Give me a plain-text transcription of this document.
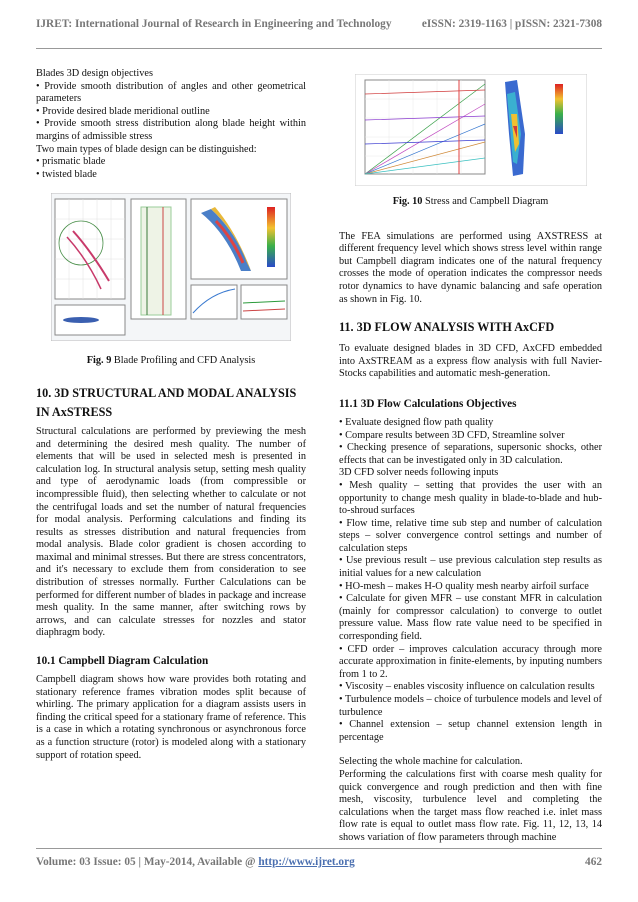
IJRET: International Journal of Research in Engineering and Technology	eISSN: 2319-1163 | pISSN: 2321-7308

Blades 3D design objectives

• Provide smooth distribution of angles and other geometrical parameters

• Provide desired blade meridional outline

• Provide smooth stress distribution along blade height within margins of admissible stress

Two main types of blade design can be distinguished:

• prismatic blade

• twisted blade

Fig. 9 Blade Profiling and CFD Analysis

10. 3D STRUCTURAL AND MODAL ANALYSIS
IN AxSTRESS

Structural calculations are performed by previewing the mesh and determining the desired mesh quality. The number of elements that will be used in selected mesh is presented in calculation log. In structural analysis setup, setting mesh quality and type of aerodynamic loads (from compressible or incompressible fluid), then selecting whether to calculate or not the centrifugal loads and set the number of natural frequencies for modal analysis. Performing calculations and finding its results as stresses distribution and natural frequencies from modal analysis. Blade color gradient is chosen according to maximal and minimal stresses. But there are stress concentrators, and it's necessary to exclude them from consideration to see distribution of stresses normally. Further Calculations can be performed for different number of blades in package and increase mesh quality. In the same manner, after switching rows by arrows, and can calculate stresses for nozzles and stator diaphragm body.

10.1 Campbell Diagram Calculation

Campbell diagram shows how ware provides both rotating and stationary reference frames vibration modes split because of whirling. The primary application for a diagram assists users in finding the critical speed for a stationary frame of reference. This is a case in which a rotating synchronous or asynchronous force as a function structure (rotor) is modeled along with a stationary support of rotation speed.

Fig. 10 Stress and Campbell Diagram

The FEA simulations are performed using AXSTRESS at different frequency level which shows stress level within range but Campbell diagram indicates one of the natural frequency crosses the mode of operation indicates the compressor needs rotor dynamics to have dynamic balancing and safe operation as shown in Fig. 10.

11. 3D FLOW ANALYSIS WITH AxCFD

To evaluate designed blades in 3D CFD, AxCFD embedded into AxSTREAM as a express flow analysis with full Navier-Stocks capabilities and automatic mesh-generation.

11.1 3D Flow Calculations Objectives

• Evaluate designed flow path quality

• Compare results between 3D CFD, Streamline solver

• Checking presence of separations, supersonic shocks, other effects that can be investigated only in 3D calculation.

3D CFD solver needs following inputs

• Mesh quality – setting that provides the user with an opportunity to change mesh quality in blade-to-blade and hub-to-shroud surfaces

• Flow time, relative time sub step and number of calculation steps – solver convergence control settings and number of calculation steps

• Use previous result – use previous calculation step results as initial values for a new calculation

• HO-mesh – makes H-O quality mesh nearby airfoil surface

• Calculate for given MFR – use constant MFR in calculation (mainly for compressor calculation) to converge to outlet pressure value. Mass flow rate value need to be specified in corresponding field.

• CFD order – improves calculation accuracy through more accurate approximation in finite-elements, by inputing numbers from 1 to 2.

• Viscosity – enables viscosity influence on calculation results

• Turbulence models – choice of turbulence models and level of turbulence

• Channel extension – setup channel extension length in percentage

Selecting the whole machine for calculation.

Performing the calculations first with coarse mesh quality for quick convergence and rough prediction and then with fine mesh, viscosity, turbulence level and completing the calculations when the target mass flow reached i.e. inlet mass flow rate is equal to outlet mass flow rate. Fig. 11, 12, 13, 14 shows variation of flow parameters through machine

Volume: 03 Issue: 05 | May-2014, Available @ http://www.ijret.org	462
